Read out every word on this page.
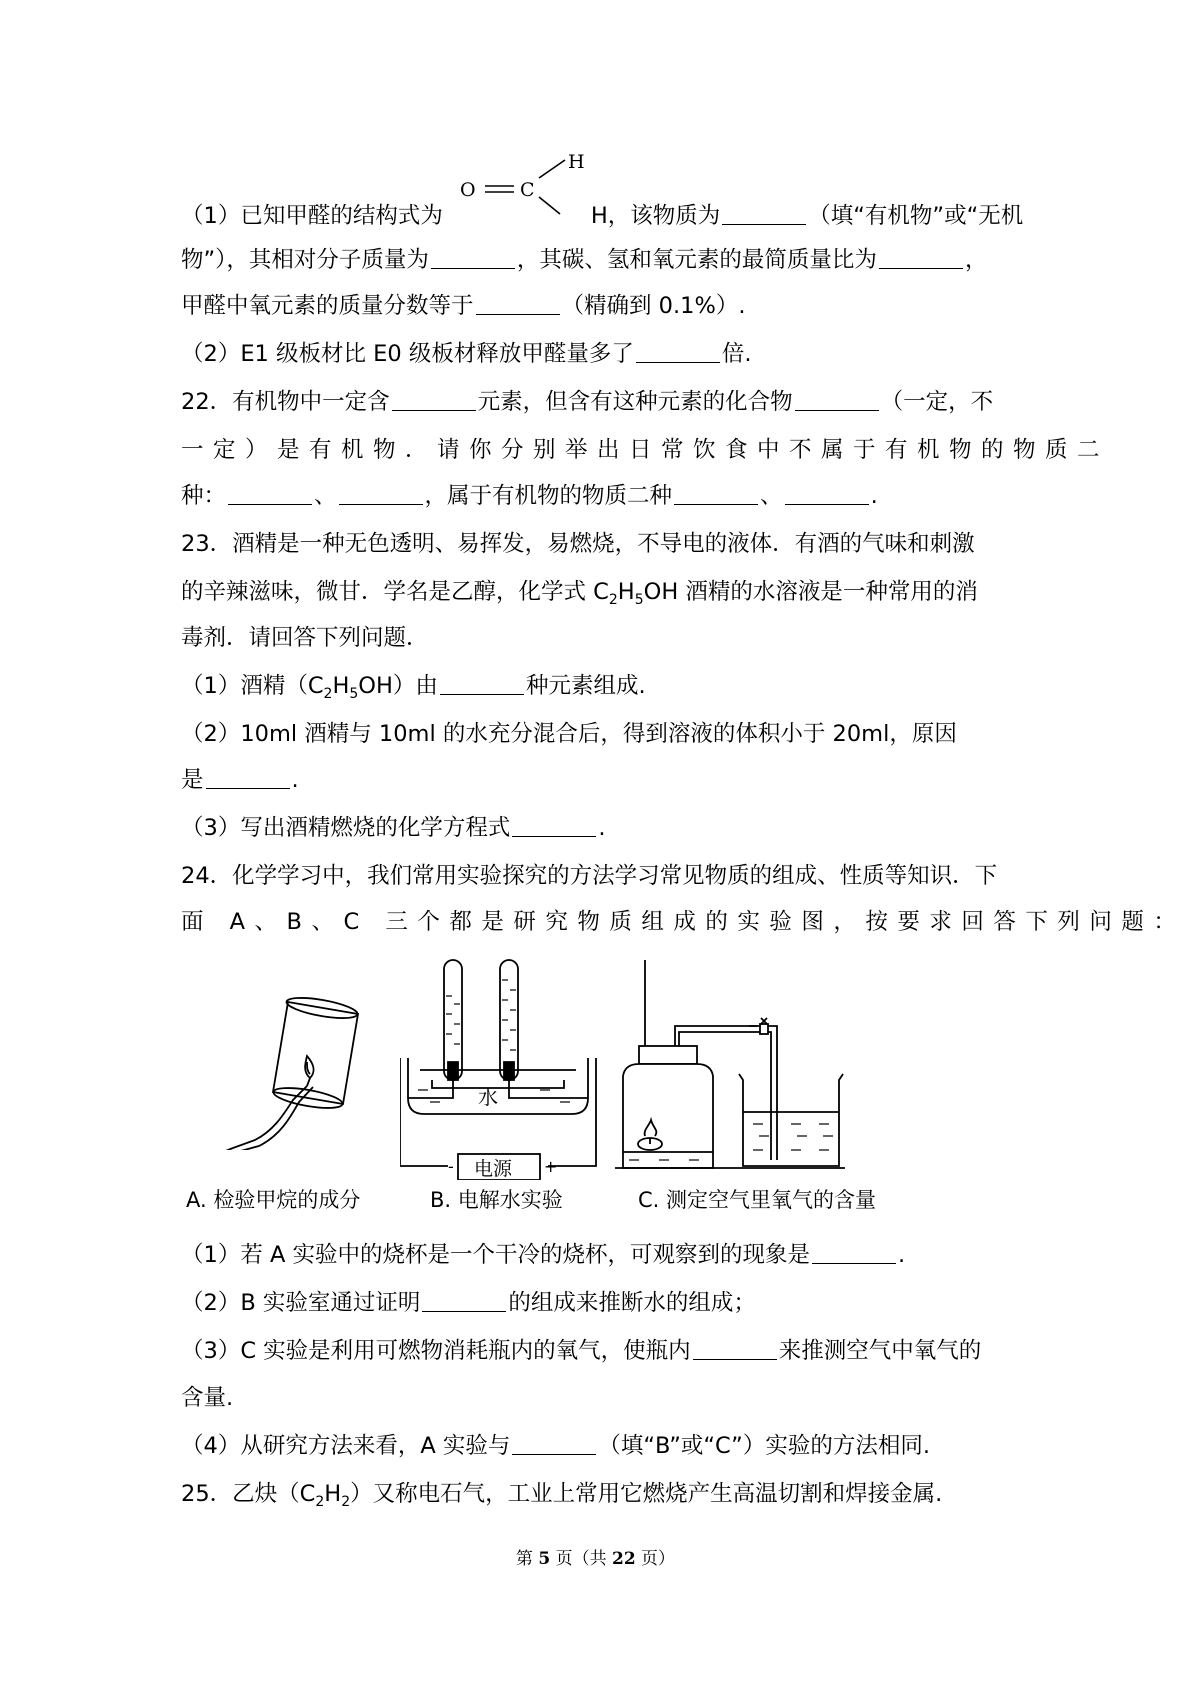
O C
H
（1）已知甲醛的结构式为	H，该物质为	（填“有机物”或“无机
物”），其相对分子质量为	，其碳、氢和氧元素的最简质量比为	，
甲醛中氧元素的质量分数等于	（精确到 0.1%）.
（2）E1 级板材比 E0 级板材释放甲醛量多了	倍.
22．有机物中一定含	元素，但含有这种元素的化合物	（一定，不
一定）是有机物．请你分别举出日常饮食中不属于有机物的物质二
种：	、	，属于有机物的物质二种	、	.
23．酒精是一种无色透明、易挥发，易燃烧，不导电的液体．有酒的气味和刺激
的辛辣滋味，微甘．学名是乙醇，化学式 $C_2H_5OH$ 酒精的水溶液是一种常用的消
毒剂．请回答下列问题．
（1）酒精$(C_2H_5OH)$由	种元素组成.
（2）10ml 酒精与 10ml 的水充分混合后，得到溶液的体积小于 20ml，原因
是	.
（3）写出酒精燃烧的化学方程式	.
24．化学学习中，我们常用实验探究的方法学习常见物质的组成、性质等知识．下
面 A、B、C 三个都是研究物质组成的实验图，按要求回答下列问题：
水
电源
-	+
A. 检验甲烷的成分	B. 电解水实验	C. 测定空气里氧气的含量
（1）若 A 实验中的烧杯是一个干冷的烧杯，可观察到的现象是	.
（2）B 实验室通过证明	的组成来推断水的组成；
（3）C 实验是利用可燃物消耗瓶内的氧气，使瓶内	来推测空气中氧气的
含量.
（4）从研究方法来看，A 实验与	（填“B”或“C”）实验的方法相同.
25．乙炔$(C_2H_2)$又称电石气，工业上常用它燃烧产生高温切割和焊接金属.
第 5 页（共 22 页）
